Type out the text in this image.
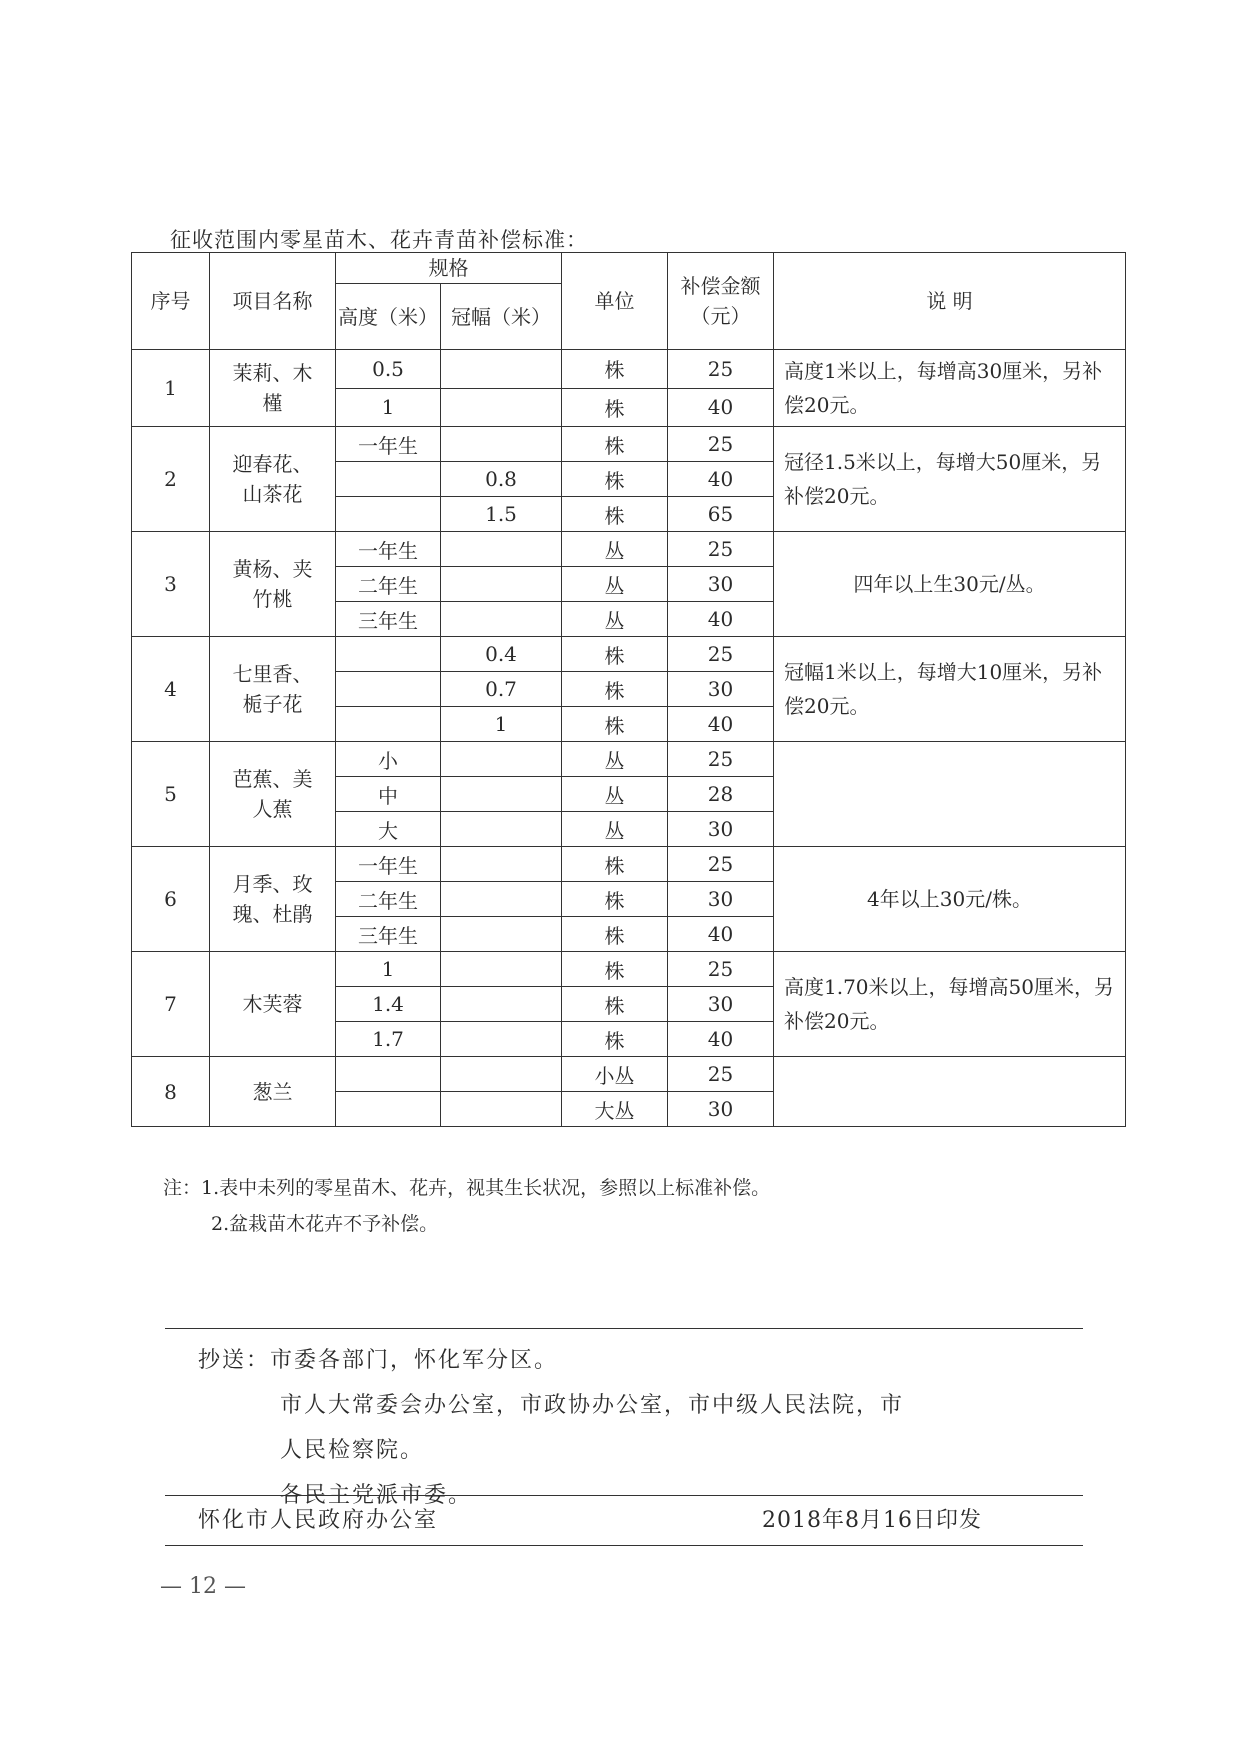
征收范围内零星苗木、花卉青苗补偿标准：
序号	项目名称	规格		单位	补偿金额（元）	说 明
		高度（米）	冠幅（米）			
1	茉莉、木槿	0.5		株	25	高度1米以上，每增高30厘米，另补偿20元。
		1		株	40	
2	迎春花、山茶花	一年生		株	25	冠径1.5米以上，每增大50厘米，另补偿20元。
			0.8	株	40	
			1.5	株	65	
3	黄杨、夹竹桃	一年生		丛	25	四年以上生30元/丛。
		二年生		丛	30	
		三年生		丛	40	
4	七里香、栀子花		0.4	株	25	冠幅1米以上，每增大10厘米，另补偿20元。
			0.7	株	30	
			1	株	40	
5	芭蕉、美人蕉	小		丛	25	
		中		丛	28	
		大		丛	30	
6	月季、玫瑰、杜鹃	一年生		株	25	4年以上30元/株。
		二年生		株	30	
		三年生		株	40	
7	木芙蓉	1		株	25	高度1.70米以上，每增高50厘米，另补偿20元。
		1.4		株	30	
		1.7		株	40	
8	葱兰			小丛	25	
				大丛	30	
注：1.表中未列的零星苗木、花卉，视其生长状况，参照以上标准补偿。
2.盆栽苗木花卉不予补偿。
抄送：市委各部门，怀化军分区。
市人大常委会办公室，市政协办公室，市中级人民法院，市
人民检察院。
各民主党派市委。
怀化市人民政府办公室	2018年8月16日印发
— 12 —
